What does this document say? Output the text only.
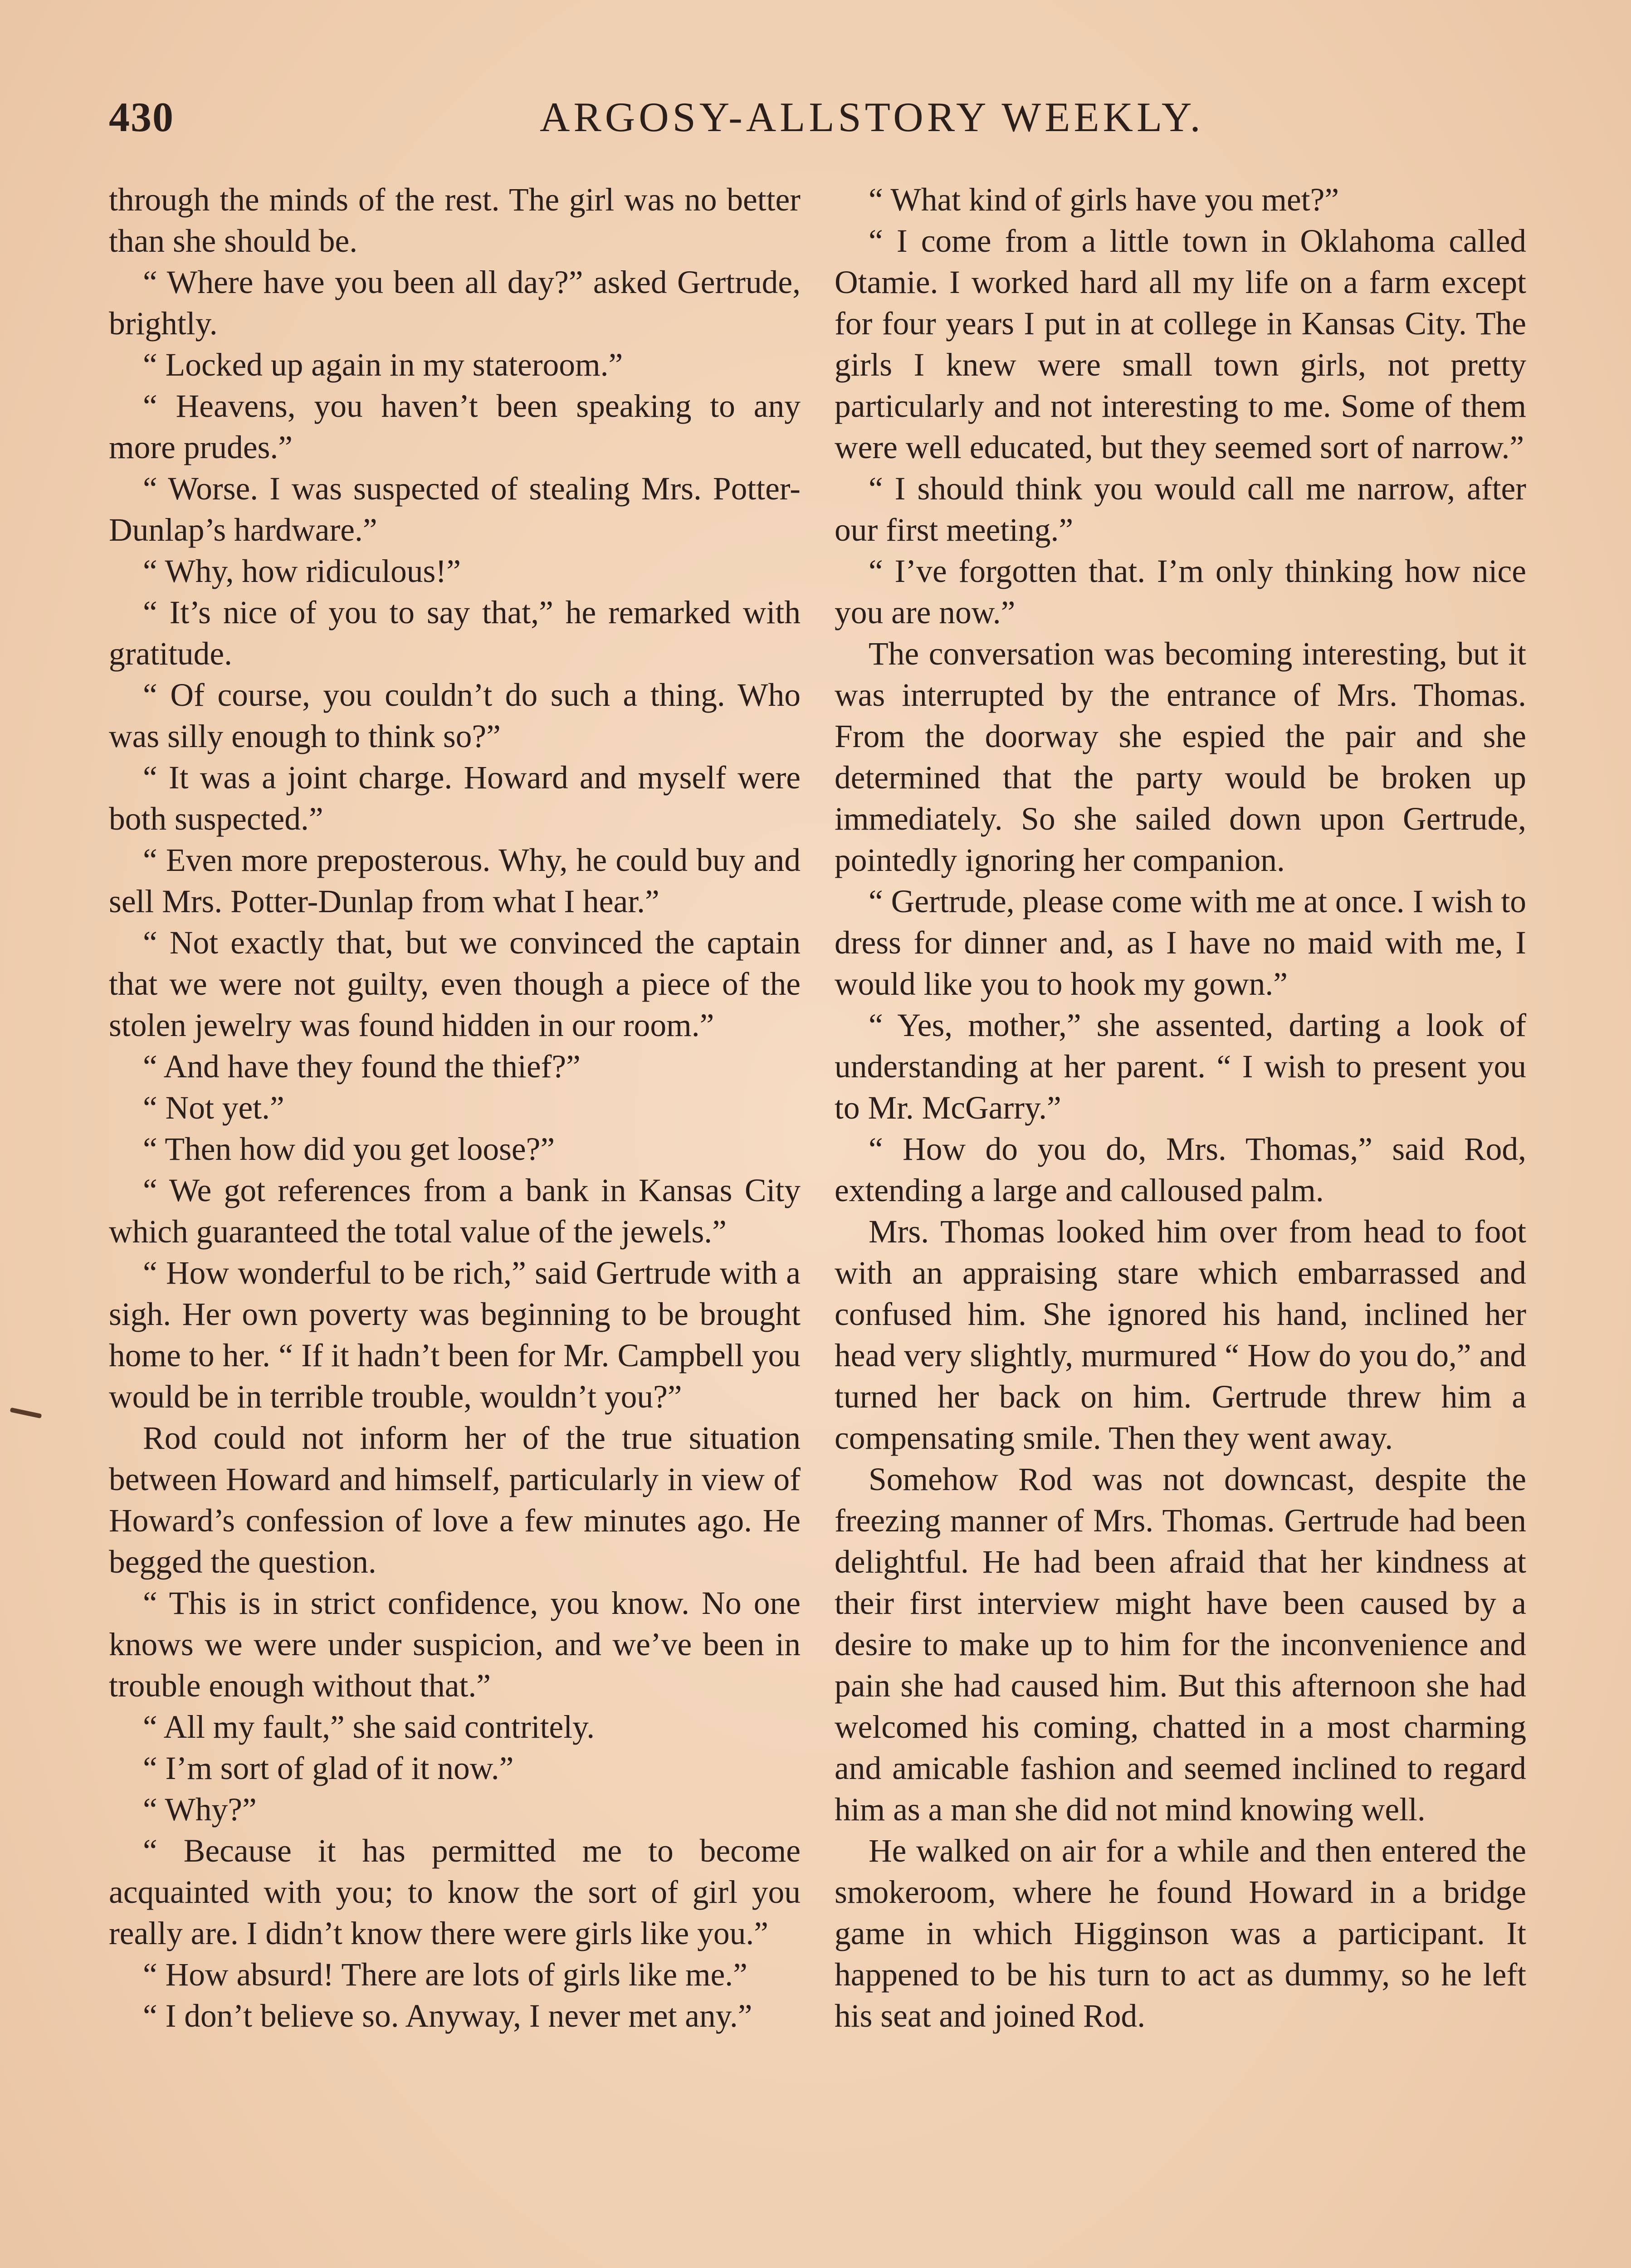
430	ARGOSY-ALLSTORY WEEKLY.

through the minds of the rest. The girl was no better than she should be.

“ Where have you been all day?” asked Gertrude, brightly.

“ Locked up again in my stateroom.”

“ Heavens, you haven’t been speaking to any more prudes.”

“ Worse. I was suspected of stealing Mrs. Potter-Dunlap’s hardware.”

“ Why, how ridiculous!”

“ It’s nice of you to say that,” he remarked with gratitude.

“ Of course, you couldn’t do such a thing. Who was silly enough to think so?”

“ It was a joint charge. Howard and myself were both suspected.”

“ Even more preposterous. Why, he could buy and sell Mrs. Potter-Dunlap from what I hear.”

“ Not exactly that, but we convinced the captain that we were not guilty, even though a piece of the stolen jewelry was found hidden in our room.”

“ And have they found the thief?”

“ Not yet.”

“ Then how did you get loose?”

“ We got references from a bank in Kansas City which guaranteed the total value of the jewels.”

“ How wonderful to be rich,” said Gertrude with a sigh. Her own poverty was beginning to be brought home to her. “ If it hadn’t been for Mr. Campbell you would be in terrible trouble, wouldn’t you?”

Rod could not inform her of the true situation between Howard and himself, particularly in view of Howard’s confession of love a few minutes ago. He begged the question.

“ This is in strict confidence, you know. No one knows we were under suspicion, and we’ve been in trouble enough without that.”

“ All my fault,” she said contritely.

“ I’m sort of glad of it now.”

“ Why?”

“ Because it has permitted me to become acquainted with you; to know the sort of girl you really are. I didn’t know there were girls like you.”

“ How absurd! There are lots of girls like me.”

“ I don’t believe so. Anyway, I never met any.”

“ What kind of girls have you met?”

“ I come from a little town in Oklahoma called Otamie. I worked hard all my life on a farm except for four years I put in at college in Kansas City. The girls I knew were small town girls, not pretty particularly and not interesting to me. Some of them were well educated, but they seemed sort of narrow.”

“ I should think you would call me narrow, after our first meeting.”

“ I’ve forgotten that. I’m only thinking how nice you are now.”

The conversation was becoming interesting, but it was interrupted by the entrance of Mrs. Thomas. From the doorway she espied the pair and she determined that the party would be broken up immediately. So she sailed down upon Gertrude, pointedly ignoring her companion.

“ Gertrude, please come with me at once. I wish to dress for dinner and, as I have no maid with me, I would like you to hook my gown.”

“ Yes, mother,” she assented, darting a look of understanding at her parent. “ I wish to present you to Mr. McGarry.”

“ How do you do, Mrs. Thomas,” said Rod, extending a large and calloused palm.

Mrs. Thomas looked him over from head to foot with an appraising stare which embarrassed and confused him. She ignored his hand, inclined her head very slightly, murmured “ How do you do,” and turned her back on him. Gertrude threw him a compensating smile. Then they went away.

Somehow Rod was not downcast, despite the freezing manner of Mrs. Thomas. Gertrude had been delightful. He had been afraid that her kindness at their first interview might have been caused by a desire to make up to him for the inconvenience and pain she had caused him. But this afternoon she had welcomed his coming, chatted in a most charming and amicable fashion and seemed inclined to regard him as a man she did not mind knowing well.

He walked on air for a while and then entered the smokeroom, where he found Howard in a bridge game in which Higginson was a participant. It happened to be his turn to act as dummy, so he left his seat and joined Rod.
